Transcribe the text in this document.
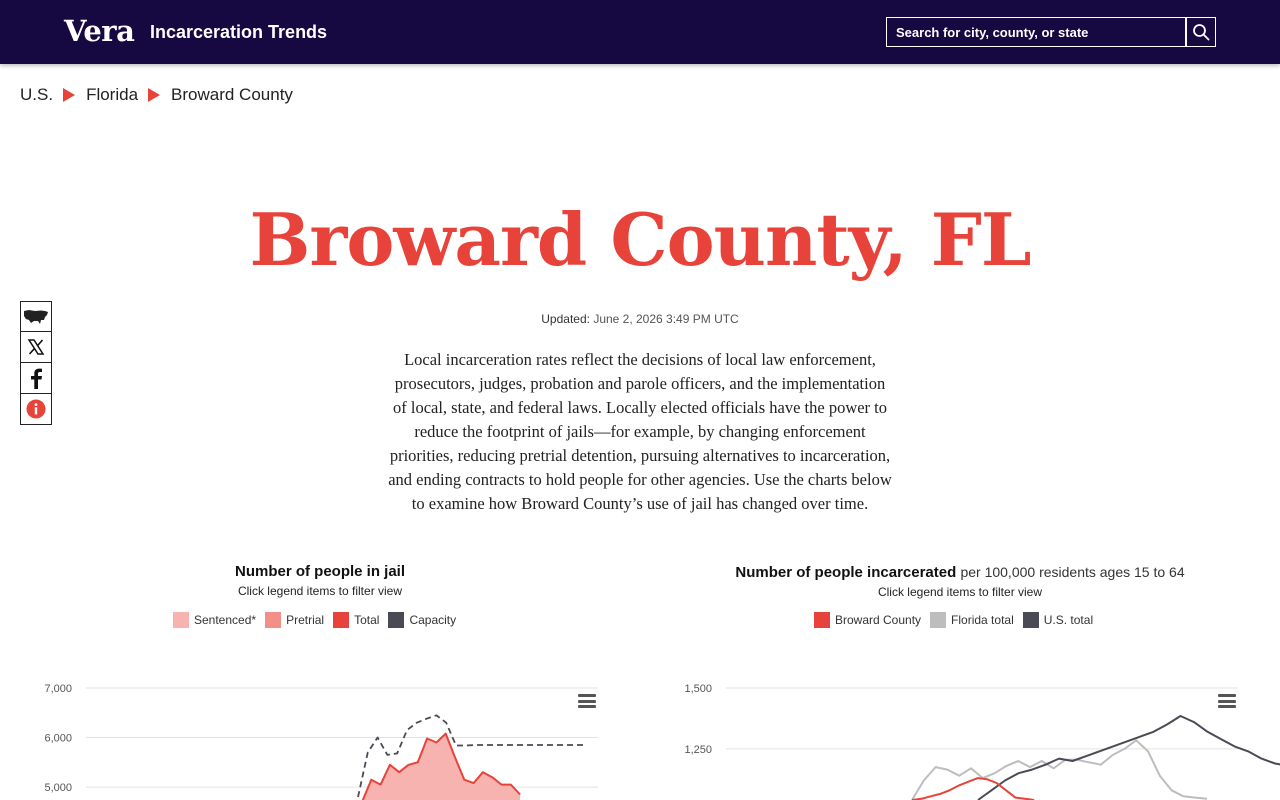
Vera Incarceration Trends
Search for city, county, or state
U.S. Florida Broward County
Broward County, FL
Updated: June 2, 2026 3:49 PM UTC

Local incarceration rates reflect the decisions of local law enforcement, prosecutors, judges, probation and parole officers, and the implementation of local, state, and federal laws. Locally elected officials have the power to reduce the footprint of jails—for example, by changing enforcement priorities, reducing pretrial detention, pursuing alternatives to incarceration, and ending contracts to hold people for other agencies. Use the charts below to examine how Broward County’s use of jail has changed over time.

Number of people in jail
Click legend items to filter view
Sentenced*	Pretrial	Total	Capacity
Number of people incarcerated per 100,000 residents ages 15 to 64
Click legend items to filter view
Broward County	Florida total	U.S. total
7,000
6,000
5,000
1,500
1,250
